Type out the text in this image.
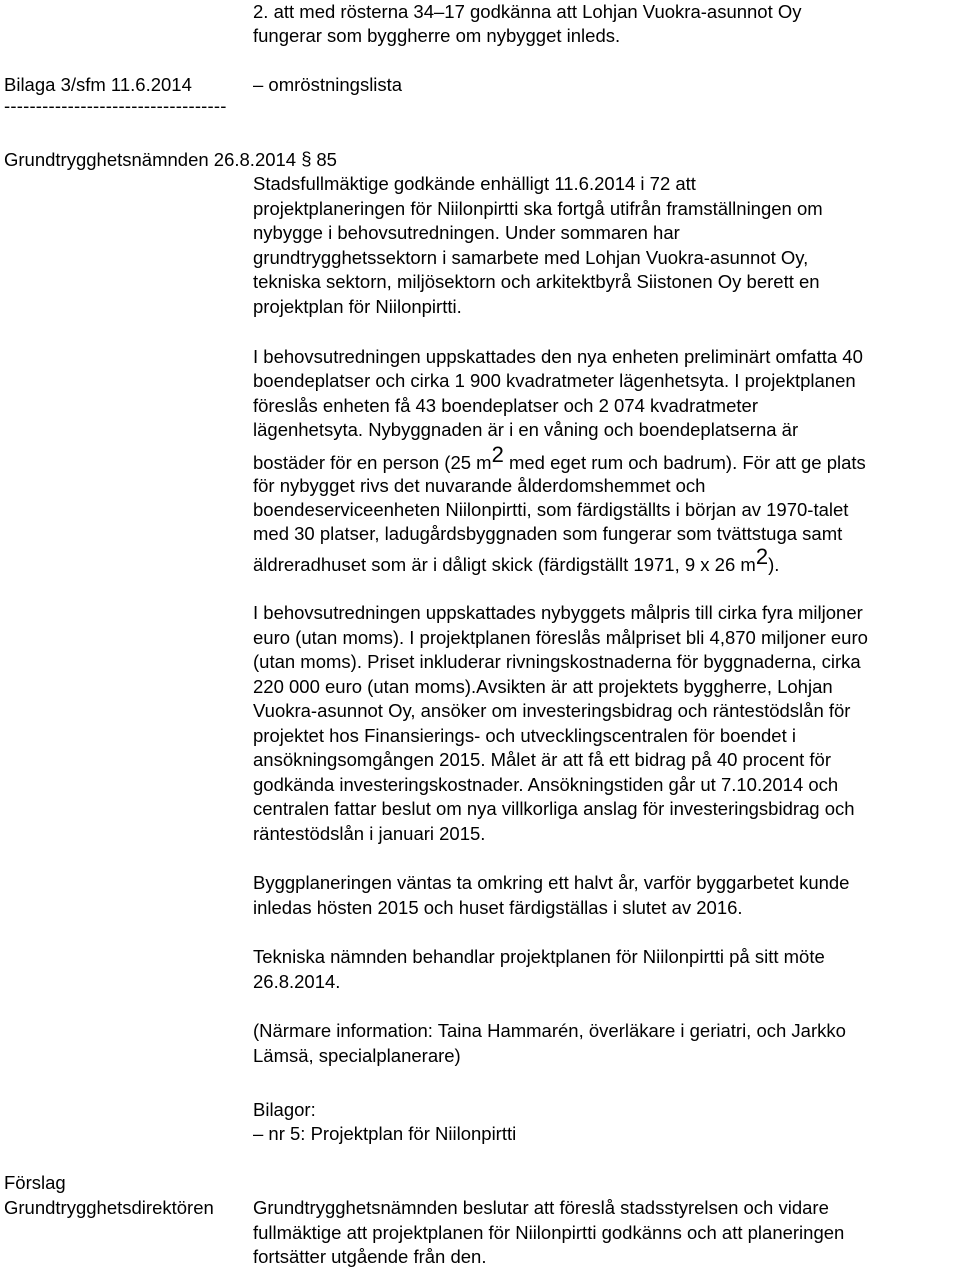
2. att med rösterna 34–17 godkänna att Lohjan Vuokra-asunnot Oy
fungerar som byggherre om nybygget inleds.
Bilaga 3/sfm 11.6.2014	– omröstningslista
-----------------------------------
Grundtrygghetsnämnden 26.8.2014 § 85

Stadsfullmäktige godkände enhälligt 11.6.2014 i 72 att

projektplaneringen för Niilonpirtti ska fortgå utifrån framställningen om

nybygge i behovsutredningen. Under sommaren har

grundtrygghetssektorn i samarbete med Lohjan Vuokra-asunnot Oy,

tekniska sektorn, miljösektorn och arkitektbyrå Siistonen Oy berett en

projektplan för Niilonpirtti.

I behovsutredningen uppskattades den nya enheten preliminärt omfatta 40
boendeplatser och cirka 1 900 kvadratmeter lägenhetsyta. I projektplanen
föreslås enheten få 43 boendeplatser och 2 074 kvadratmeter
lägenhetsyta. Nybyggnaden är i en våning och boendeplatserna är
bostäder för en person (25 m2 med eget rum och badrum). För att ge plats
för nybygget rivs det nuvarande ålderdomshemmet och
boendeserviceenheten Niilonpirtti, som färdigställts i början av 1970-talet
med 30 platser, ladugårdsbyggnaden som fungerar som tvättstuga samt
äldreradhuset som är i dåligt skick (färdigställt 1971, 9 x 26 m2).

I behovsutredningen uppskattades nybyggets målpris till cirka fyra miljoner

euro (utan moms). I projektplanen föreslås målpriset bli 4,870 miljoner euro

(utan moms). Priset inkluderar rivningskostnaderna för byggnaderna, cirka

220 000 euro (utan moms).Avsikten är att projektets byggherre, Lohjan

Vuokra-asunnot Oy, ansöker om investeringsbidrag och räntestödslån för

projektet hos Finansierings- och utvecklingscentralen för boendet i

ansökningsomgången 2015. Målet är att få ett bidrag på 40 procent för

godkända investeringskostnader. Ansökningstiden går ut 7.10.2014 och

centralen fattar beslut om nya villkorliga anslag för investeringsbidrag och

räntestödslån i januari 2015.

Byggplaneringen väntas ta omkring ett halvt år, varför byggarbetet kunde

inledas hösten 2015 och huset färdigställas i slutet av 2016.

Tekniska nämnden behandlar projektplanen för Niilonpirtti på sitt möte

26.8.2014.

(Närmare information: Taina Hammarén, överläkare i geriatri, och Jarkko

Lämsä, specialplanerare)

Bilagor:
– nr 5: Projektplan för Niilonpirtti
Förslag
Grundtrygghetsdirektören Grundtrygghetsnämnden beslutar att föreslå stadsstyrelsen och vidare

fullmäktige att projektplanen för Niilonpirtti godkänns och att planeringen

fortsätter utgående från den.
